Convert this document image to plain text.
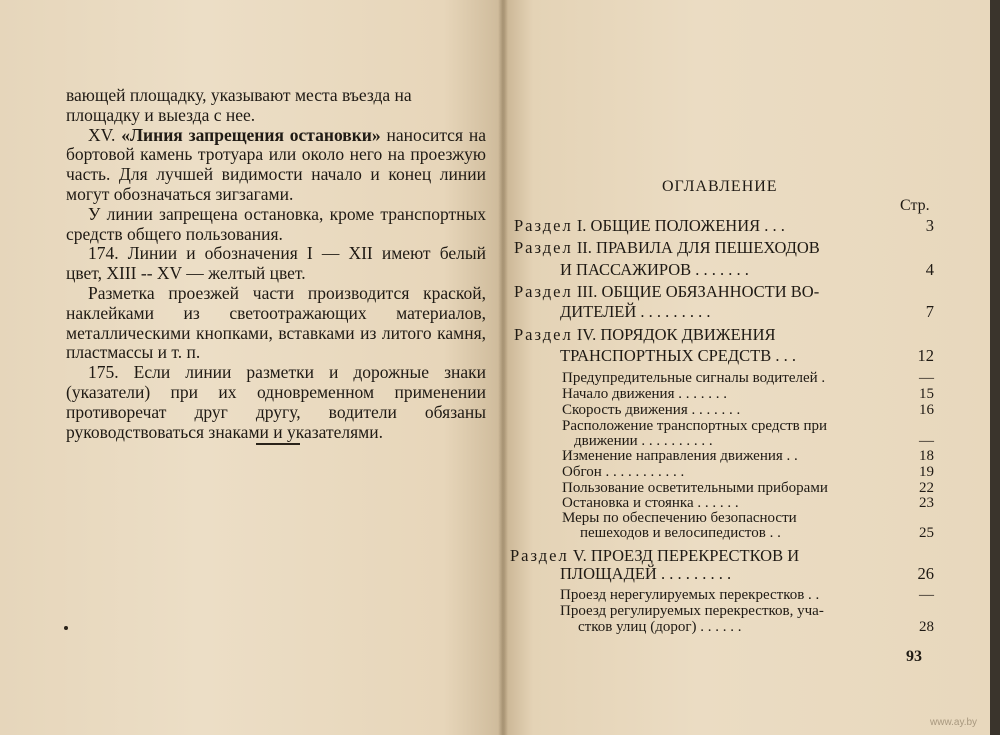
вающей площадку, указывают места въезда на

площадку и выезда с нее.

XV. «Линия запрещения остановки» наносится на бортовой камень тротуара или около него на проезжую часть. Для лучшей видимости начало и конец линии могут обозначаться зигзагами.

У линии запрещена остановка, кроме транспортных средств общего пользования.

174. Линии и обозначения I — XII имеют белый цвет, XIII -- XV — желтый цвет.

Разметка проезжей части производится краской, наклейками из светоотражающих материалов, металлическими кнопками, вставками из литого камня, пластмассы и т. п.

175. Если линии разметки и дорожные знаки (указатели) при их одновременном применении противоречат друг другу, водители обязаны руководствоваться знаками и указателями.

ОГЛАВЛЕНИЕ
Стр.
Раздел I. ОБЩИЕ ПОЛОЖЕНИЯ . . .	3
Раздел II. ПРАВИЛА ДЛЯ ПЕШЕХОДОВ
И ПАССАЖИРОВ . . . . . . .	4
Раздел III. ОБЩИЕ ОБЯЗАННОСТИ ВО-
ДИТЕЛЕЙ . . . . . . . . .	7
Раздел IV. ПОРЯДОК ДВИЖЕНИЯ
ТРАНСПОРТНЫХ СРЕДСТВ . . .	12
Предупредительные сигналы водителей .	—
Начало движения . . . . . . .	15
Скорость движения . . . . . . .	16
Расположение транспортных средств при
движении . . . . . . . . . .	—
Изменение направления движения . .	18
Обгон . . . . . . . . . . .	19
Пользование осветительными приборами	22
Остановка и стоянка . . . . . .	23
Меры по обеспечению безопасности
пешеходов и велосипедистов . .	25
Раздел V. ПРОЕЗД ПЕРЕКРЕСТКОВ И
ПЛОЩАДЕЙ . . . . . . . . .	26
Проезд нерегулируемых перекрестков . .	—
Проезд регулируемых перекрестков, уча-
стков улиц (дорог) . . . . . .	28
93
www.ay.by
